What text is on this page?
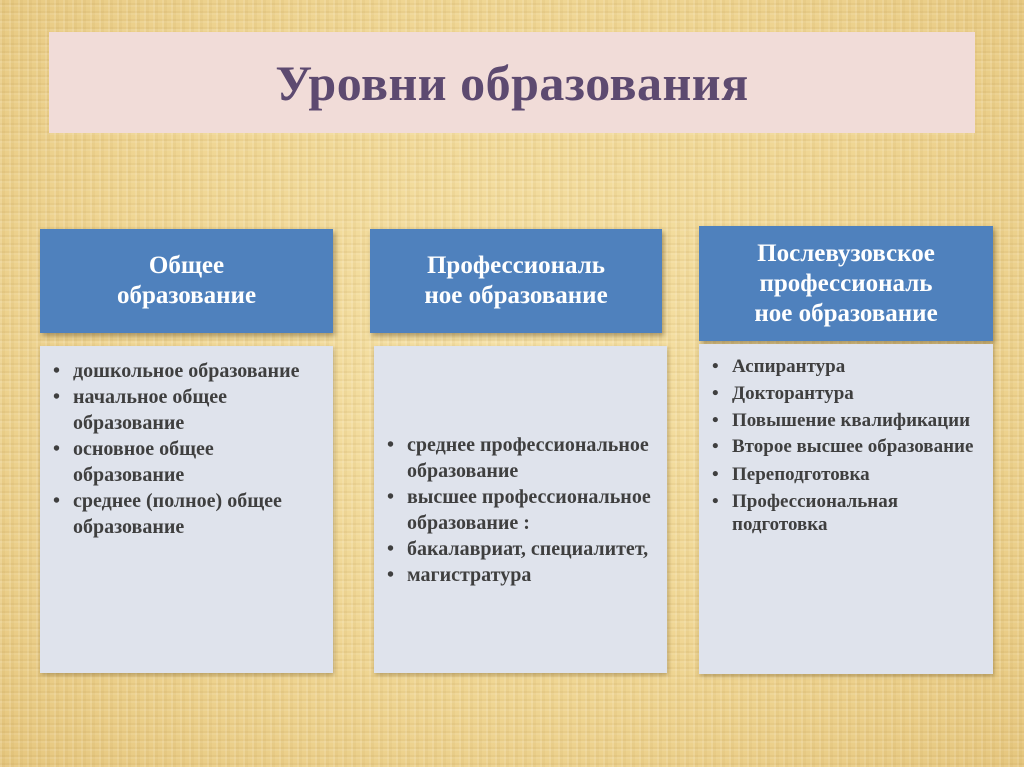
Уровни образования
Общее
образование
• дошкольное образование
• начальное общее образование
• основное общее образование
• среднее (полное) общее образование
Профессиональ
ное образование
• среднее профессиональное образование
• высшее профессиональное образование :
• бакалавриат, специалитет,
• магистратура
Послевузовское
профессиональ
ное образование
• Аспирантура
• Докторантура
• Повышение квалификации
• Второе высшее образование
• Переподготовка
• Профессиональная подготовка
